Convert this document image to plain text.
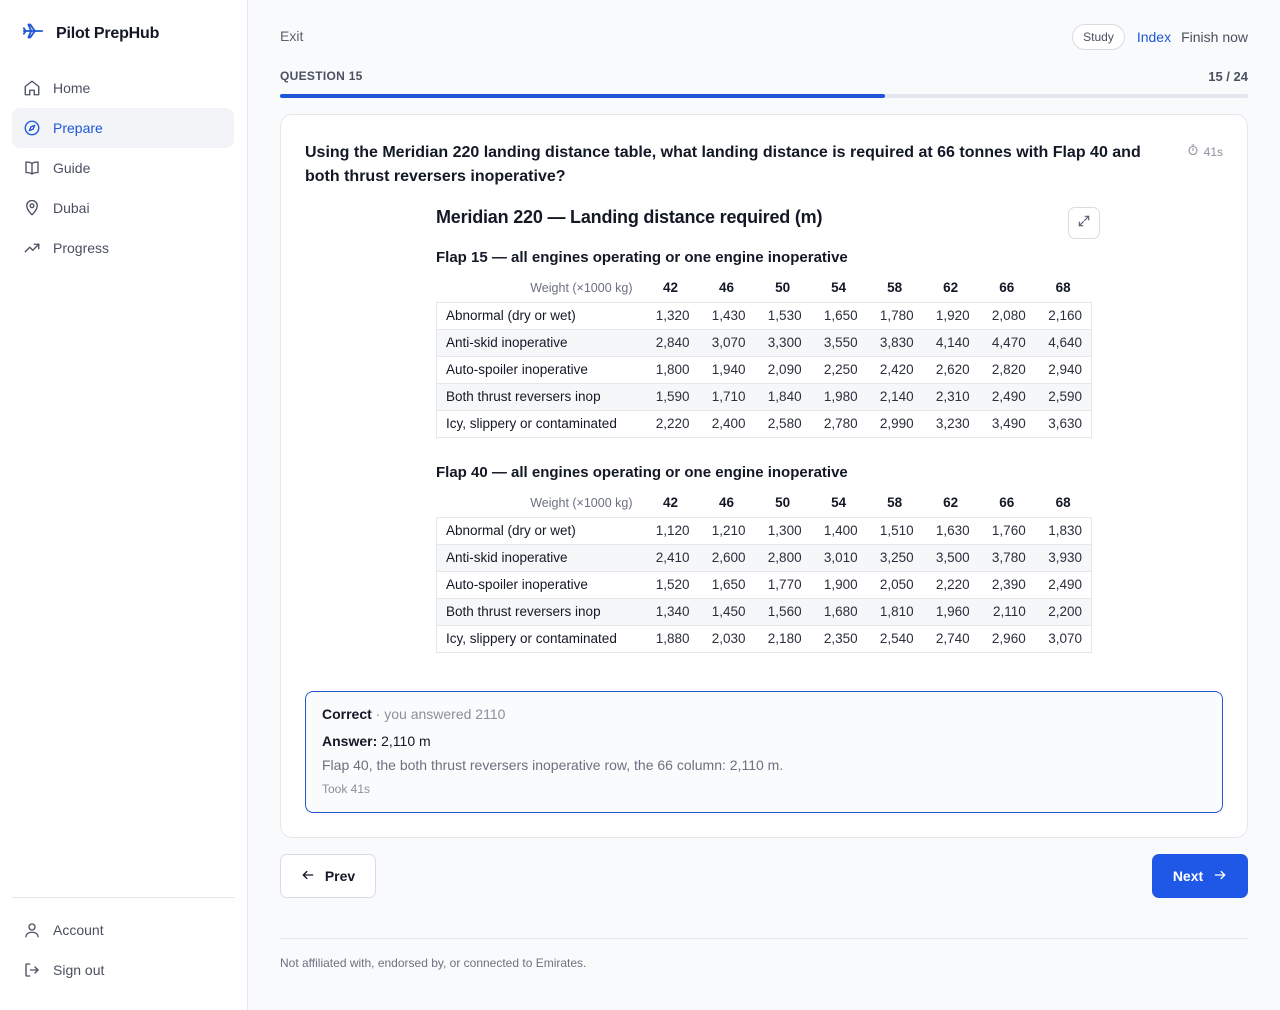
Pilot PrepHub
Home
Prepare
Guide
Dubai
Progress
Account
Sign out
Exit	Study	Index Finish now
QUESTION 15	15 / 24
Using the Meridian 220 landing distance table, what landing distance is required at 66 tonnes with Flap 40 and both thrust reversers inoperative?
41s
Meridian 220 — Landing distance required (m)
Flap 15 — all engines operating or one engine inoperative
Weight (×1000 kg)	42	46	50	54	58	62	66	68
Abnormal (dry or wet)	1,320	1,430	1,530	1,650	1,780	1,920	2,080	2,160
Anti-skid inoperative	2,840	3,070	3,300	3,550	3,830	4,140	4,470	4,640
Auto-spoiler inoperative	1,800	1,940	2,090	2,250	2,420	2,620	2,820	2,940
Both thrust reversers inop	1,590	1,710	1,840	1,980	2,140	2,310	2,490	2,590
Icy, slippery or contaminated	2,220	2,400	2,580	2,780	2,990	3,230	3,490	3,630
Flap 40 — all engines operating or one engine inoperative
Weight (×1000 kg)	42	46	50	54	58	62	66	68
Abnormal (dry or wet)	1,120	1,210	1,300	1,400	1,510	1,630	1,760	1,830
Anti-skid inoperative	2,410	2,600	2,800	3,010	3,250	3,500	3,780	3,930
Auto-spoiler inoperative	1,520	1,650	1,770	1,900	2,050	2,220	2,390	2,490
Both thrust reversers inop	1,340	1,450	1,560	1,680	1,810	1,960	2,110	2,200
Icy, slippery or contaminated	1,880	2,030	2,180	2,350	2,540	2,740	2,960	3,070
Correct · you answered 2110
Answer: 2,110 m
Flap 40, the both thrust reversers inoperative row, the 66 column: 2,110 m.
Took 41s
Prev	Next
Not affiliated with, endorsed by, or connected to Emirates.
